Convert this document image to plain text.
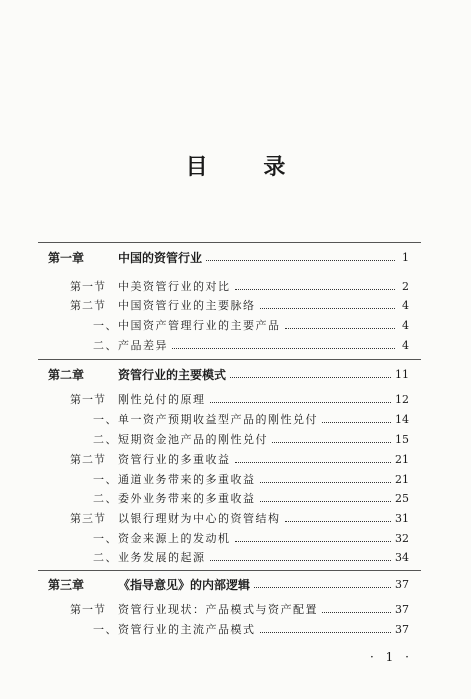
目 录
第一章	中国的资管行业	1
第一节	中美资管行业的对比	2
第二节	中国资管行业的主要脉络	4
一、中国资产管理行业的主要产品	4
二、产品差异	4
第二章	资管行业的主要模式	11
第一节	刚性兑付的原理	12
一、单一资产预期收益型产品的刚性兑付	14
二、短期资金池产品的刚性兑付	15
第二节	资管行业的多重收益	21
一、通道业务带来的多重收益	21
二、委外业务带来的多重收益	25
第三节	以银行理财为中心的资管结构	31
一、资金来源上的发动机	32
二、业务发展的起源	34
第三章	《指导意见》的内部逻辑	37
第一节	资管行业现状：产品模式与资产配置	37
一、资管行业的主流产品模式	37
· 1 ·
